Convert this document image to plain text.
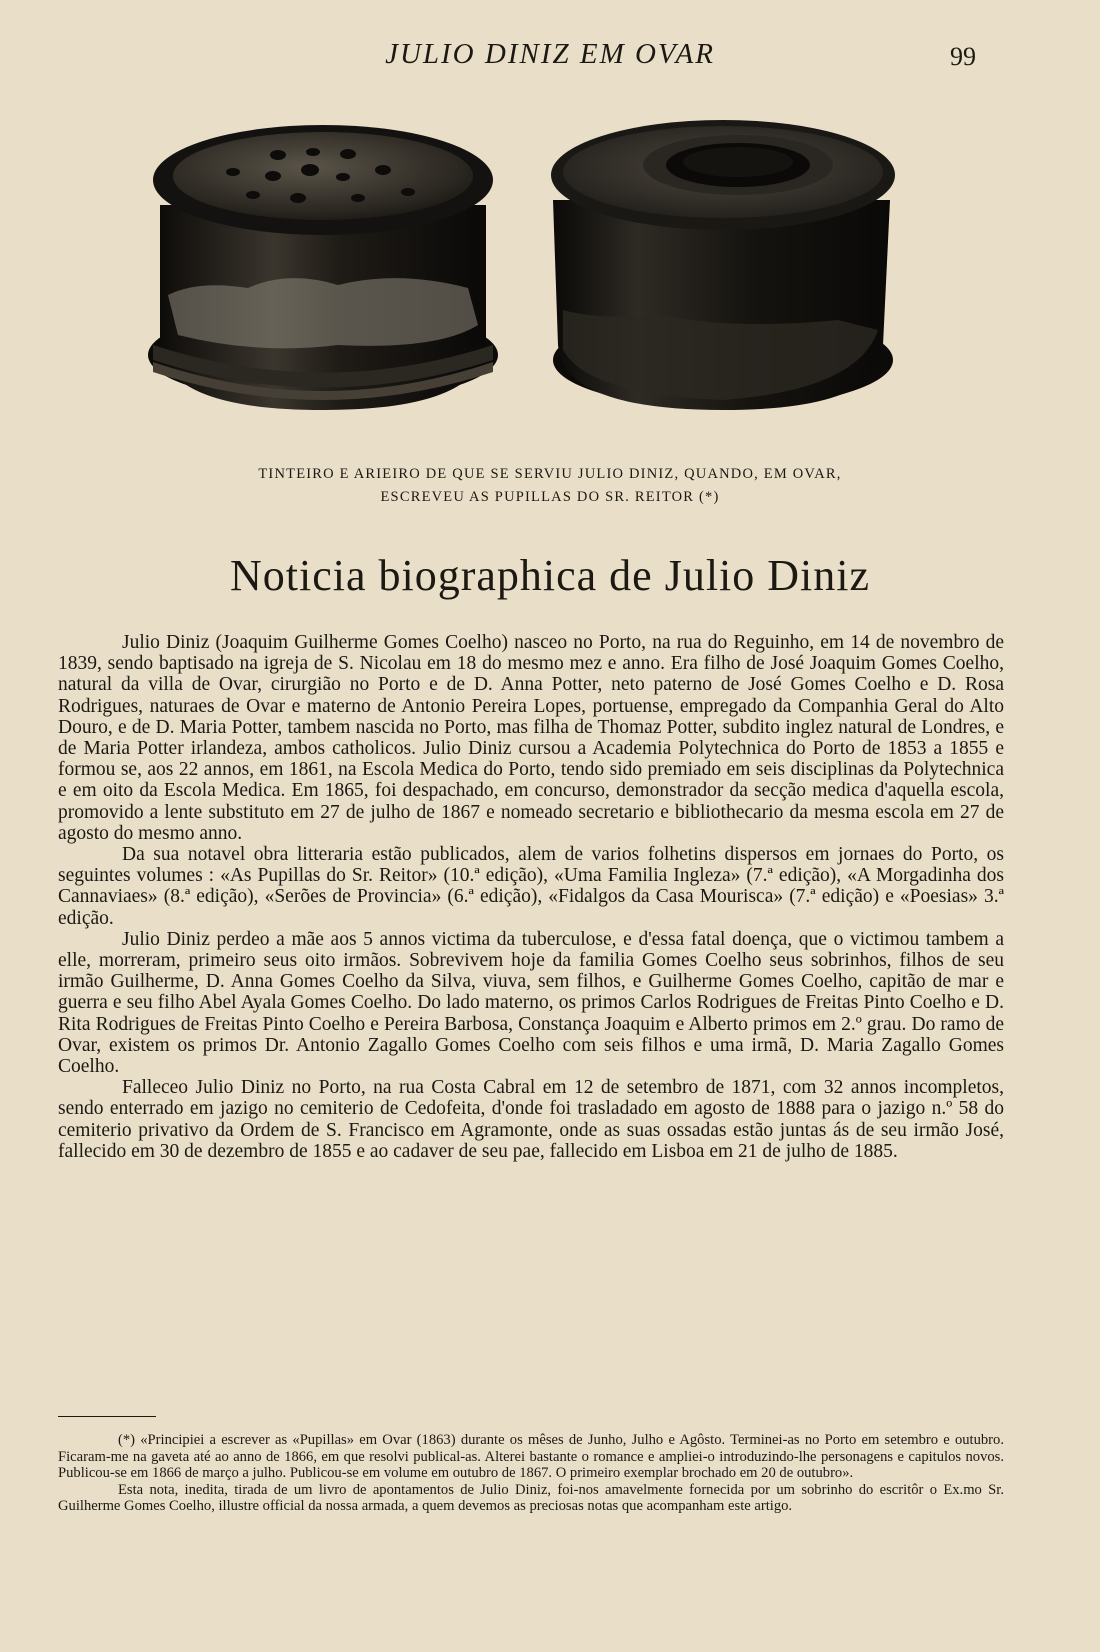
JULIO DINIZ EM OVAR	99
TINTEIRO E ARIEIRO DE QUE SE SERVIU JULIO DINIZ, QUANDO, EM OVAR,
ESCREVEU AS PUPILLAS DO SR. REITOR (*)
Noticia biographica de Julio Diniz

Julio Diniz (Joaquim Guilherme Gomes Coelho) nasceo no Porto, na rua do Reguinho, em 14 de novembro de 1839, sendo baptisado na igreja de S. Nicolau em 18 do mesmo mez e anno. Era filho de José Joaquim Gomes Coelho, natural da villa de Ovar, cirurgião no Porto e de D. Anna Potter, neto paterno de José Gomes Coelho e D. Rosa Rodrigues, naturaes de Ovar e materno de Antonio Pereira Lopes, portuense, empregado da Companhia Geral do Alto Douro, e de D. Maria Potter, tambem nascida no Porto, mas filha de Thomaz Potter, subdito inglez natural de Londres, e de Maria Potter irlandeza, ambos catholicos. Julio Diniz cursou a Academia Polytechnica do Porto de 1853 a 1855 e formou se, aos 22 annos, em 1861, na Escola Medica do Porto, tendo sido premiado em seis disciplinas da Polytechnica e em oito da Escola Medica. Em 1865, foi despachado, em concurso, demonstrador da secção medica d'aquella escola, promovido a lente substituto em 27 de julho de 1867 e nomeado secretario e bibliothecario da mesma escola em 27 de agosto do mesmo anno.

Da sua notavel obra litteraria estão publicados, alem de varios folhetins dispersos em jornaes do Porto, os seguintes volumes : «As Pupillas do Sr. Reitor» (10.ª edição), «Uma Familia Ingleza» (7.ª edição), «A Morgadinha dos Cannaviaes» (8.ª edição), «Serões de Provincia» (6.ª edição), «Fidalgos da Casa Mourisca» (7.ª edição) e «Poesias» 3.ª edição.

Julio Diniz perdeo a mãe aos 5 annos victima da tuberculose, e d'essa fatal doença, que o victimou tambem a elle, morreram, primeiro seus oito irmãos. Sobrevivem hoje da familia Gomes Coelho seus sobrinhos, filhos de seu irmão Guilherme, D. Anna Gomes Coelho da Silva, viuva, sem filhos, e Guilherme Gomes Coelho, capitão de mar e guerra e seu filho Abel Ayala Gomes Coelho. Do lado materno, os primos Carlos Rodrigues de Freitas Pinto Coelho e D. Rita Rodrigues de Freitas Pinto Coelho e Pereira Barbosa, Constança Joaquim e Alberto primos em 2.º grau. Do ramo de Ovar, existem os primos Dr. Antonio Zagallo Gomes Coelho com seis filhos e uma irmã, D. Maria Zagallo Gomes Coelho.

Falleceo Julio Diniz no Porto, na rua Costa Cabral em 12 de setembro de 1871, com 32 annos incompletos, sendo enterrado em jazigo no cemiterio de Cedofeita, d'onde foi trasladado em agosto de 1888 para o jazigo n.º 58 do cemiterio privativo da Ordem de S. Francisco em Agramonte, onde as suas ossadas estão juntas ás de seu irmão José, fallecido em 30 de dezembro de 1855 e ao cadaver de seu pae, fallecido em Lisboa em 21 de julho de 1885.

(*) «Principiei a escrever as «Pupillas» em Ovar (1863) durante os mêses de Junho, Julho e Agôsto. Terminei-as no Porto em setembro e outubro. Ficaram-me na gaveta até ao anno de 1866, em que resolvi publical-as. Alterei bastante o romance e ampliei-o introduzindo-lhe personagens e capitulos novos. Publicou-se em 1866 de março a julho. Publicou-se em volume em outubro de 1867. O primeiro exemplar brochado em 20 de outubro».

Esta nota, inedita, tirada de um livro de apontamentos de Julio Diniz, foi-nos amavelmente fornecida por um sobrinho do escritôr o Ex.mo Sr. Guilherme Gomes Coelho, illustre official da nossa armada, a quem devemos as preciosas notas que acompanham este artigo.
